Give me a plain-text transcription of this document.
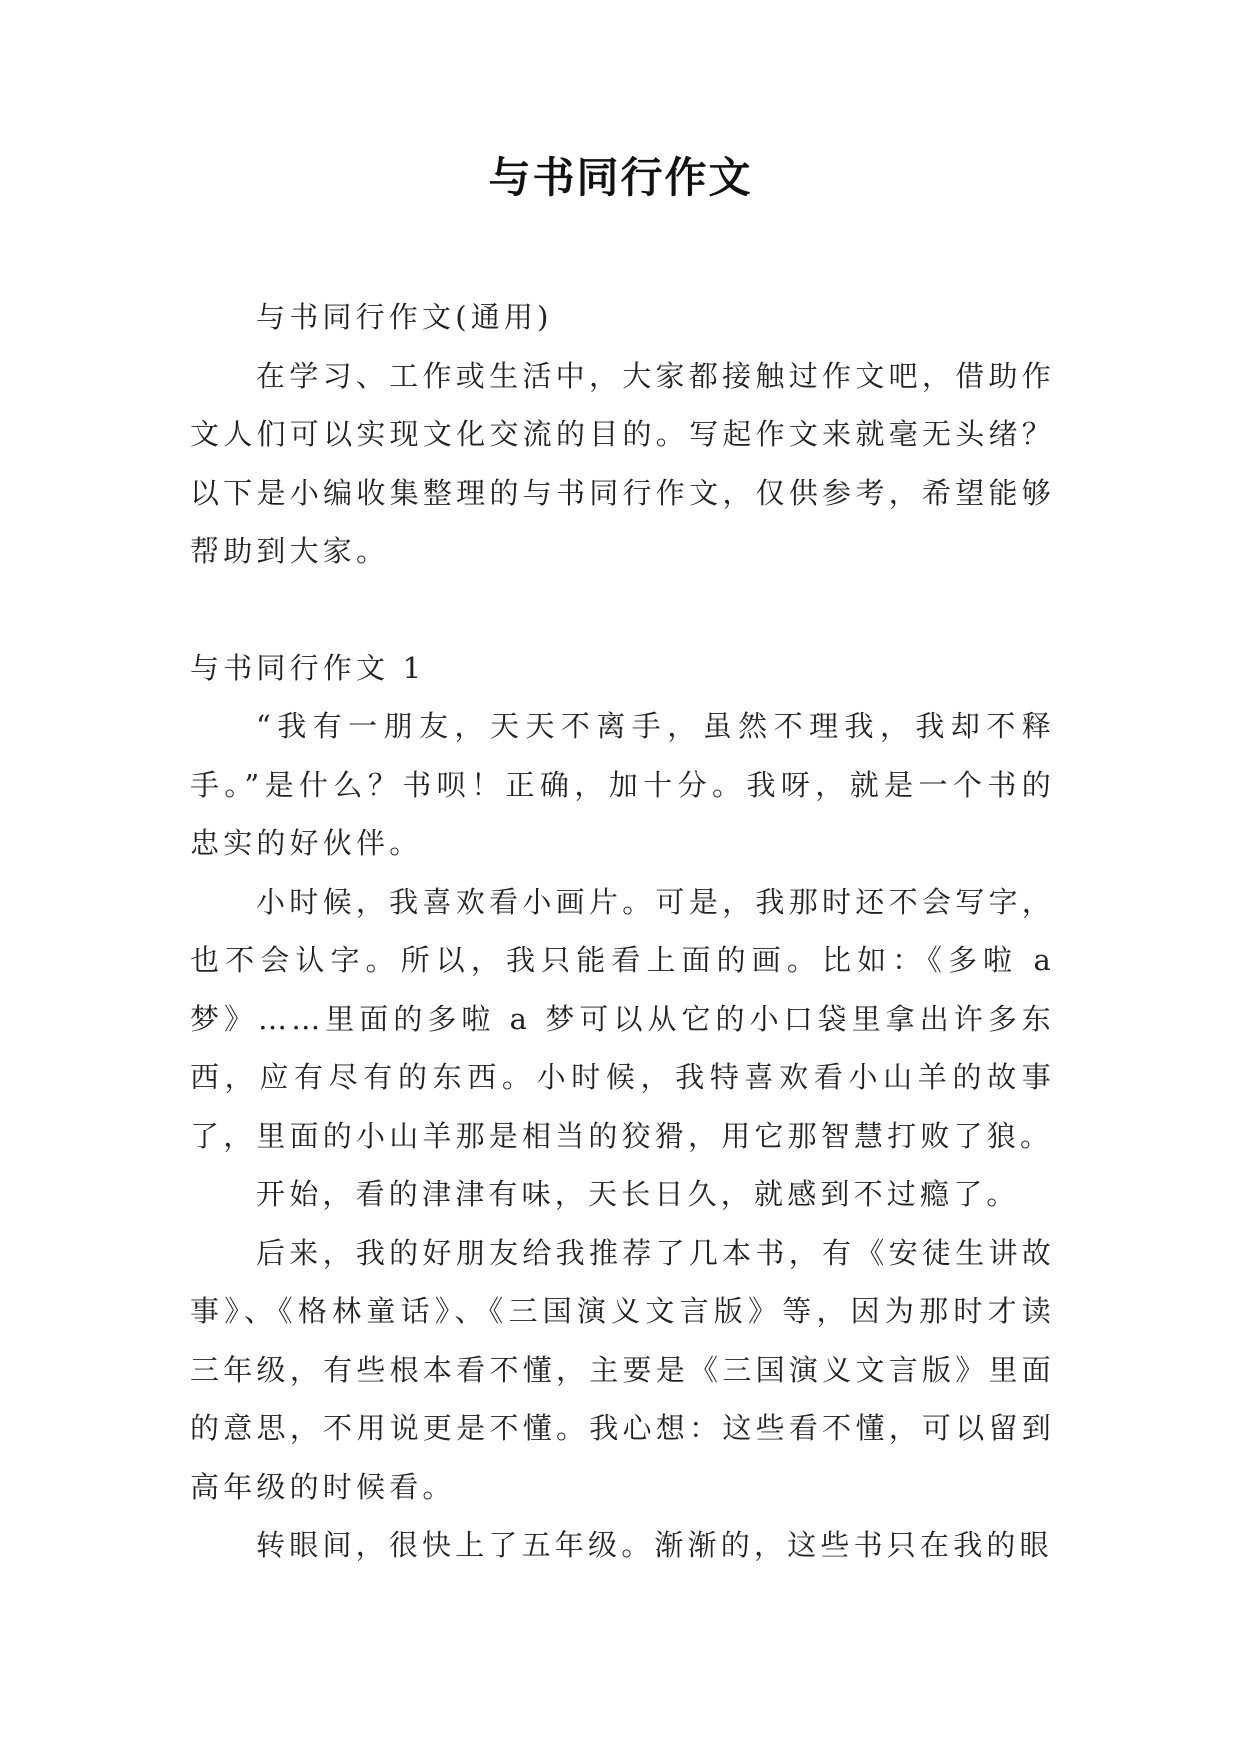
与书同行作文

与书同行作文(通用)

在学习、工作或生活中，大家都接触过作文吧，借助作文人们可以实现文化交流的目的。写起作文来就毫无头绪？以下是小编收集整理的与书同行作文，仅供参考，希望能够帮助到大家。

与书同行作文 1

“我有一朋友，天天不离手，虽然不理我，我却不释手。”是什么？书呗！正确，加十分。我呀，就是一个书的忠实的好伙伴。

小时候，我喜欢看小画片。可是，我那时还不会写字，也不会认字。所以，我只能看上面的画。比如：《多啦 a 梦》……里面的多啦 a 梦可以从它的小口袋里拿出许多东西，应有尽有的东西。小时候，我特喜欢看小山羊的故事了，里面的小山羊那是相当的狡猾，用它那智慧打败了狼。

开始，看的津津有味，天长日久，就感到不过瘾了。

后来，我的好朋友给我推荐了几本书，有《安徒生讲故事》、《格林童话》、《三国演义文言版》等，因为那时才读三年级，有些根本看不懂，主要是《三国演义文言版》里面的意思，不用说更是不懂。我心想：这些看不懂，可以留到高年级的时候看。

转眼间，很快上了五年级。渐渐的，这些书只在我的眼
